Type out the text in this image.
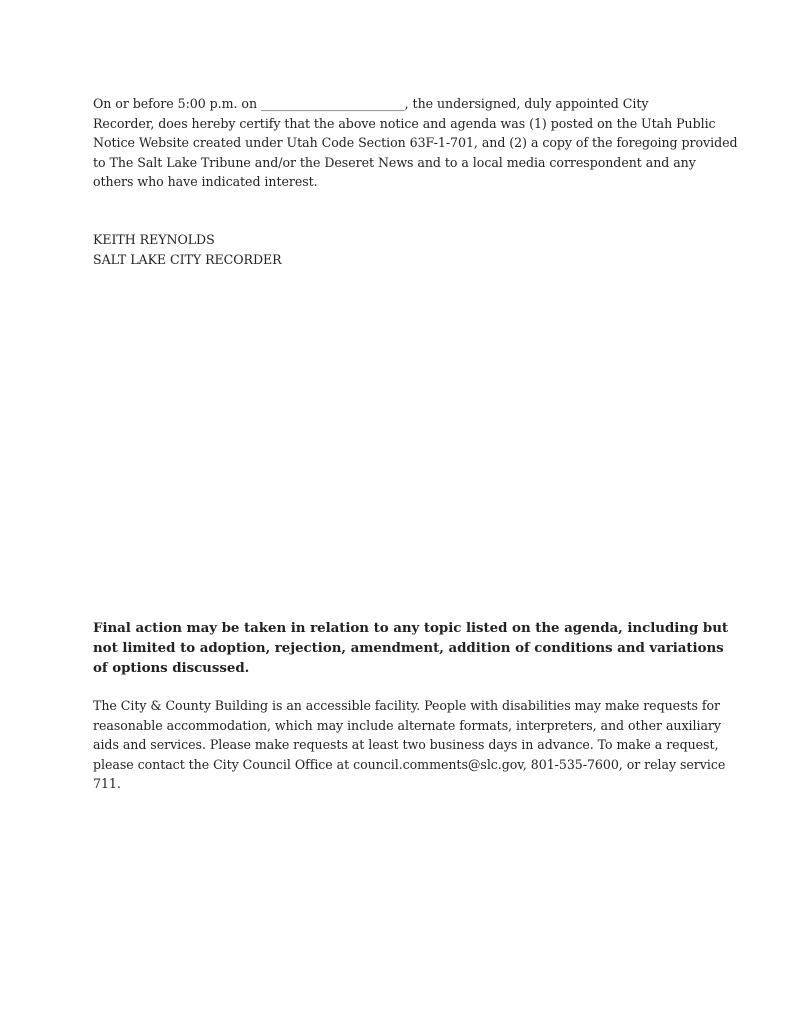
On or before 5:00 p.m. on _______________________, the undersigned, duly appointed City
Recorder, does hereby certify that the above notice and agenda was (1) posted on the Utah Public
Notice Website created under Utah Code Section 63F-1-701, and (2) a copy of the foregoing provided
to The Salt Lake Tribune and/or the Deseret News and to a local media correspondent and any
others who have indicated interest.
KEITH REYNOLDS
SALT LAKE CITY RECORDER
Final action may be taken in relation to any topic listed on the agenda, including but
not limited to adoption, rejection, amendment, addition of conditions and variations
of options discussed.
The City & County Building is an accessible facility. People with disabilities may make requests for
reasonable accommodation, which may include alternate formats, interpreters, and other auxiliary
aids and services. Please make requests at least two business days in advance. To make a request,
please contact the City Council Office at council.comments@slc.gov, 801-535-7600, or relay service
711.
